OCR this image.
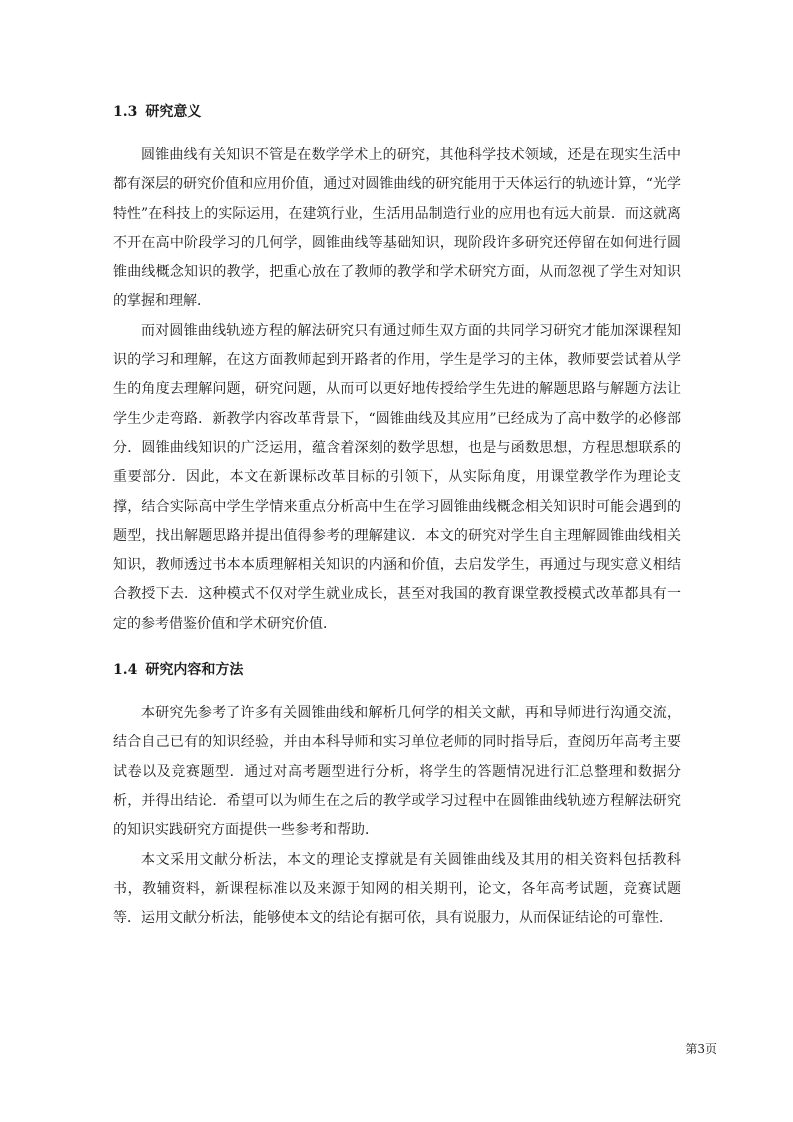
1.3 研究意义

圆锥曲线有关知识不管是在数学学术上的研究，其他科学技术领域，还是在现实生活中都有深层的研究价值和应用价值，通过对圆锥曲线的研究能用于天体运行的轨迹计算，“光学特性”在科技上的实际运用，在建筑行业，生活用品制造行业的应用也有远大前景．而这就离不开在高中阶段学习的几何学，圆锥曲线等基础知识，现阶段许多研究还停留在如何进行圆锥曲线概念知识的教学，把重心放在了教师的教学和学术研究方面，从而忽视了学生对知识的掌握和理解．

而对圆锥曲线轨迹方程的解法研究只有通过师生双方面的共同学习研究才能加深课程知识的学习和理解，在这方面教师起到开路者的作用，学生是学习的主体，教师要尝试着从学生的角度去理解问题，研究问题，从而可以更好地传授给学生先进的解题思路与解题方法让学生少走弯路．新教学内容改革背景下，“圆锥曲线及其应用”已经成为了高中数学的必修部分．圆锥曲线知识的广泛运用，蕴含着深刻的数学思想，也是与函数思想，方程思想联系的重要部分．因此，本文在新课标改革目标的引领下，从实际角度，用课堂教学作为理论支撑，结合实际高中学生学情来重点分析高中生在学习圆锥曲线概念相关知识时可能会遇到的题型，找出解题思路并提出值得参考的理解建议．本文的研究对学生自主理解圆锥曲线相关知识，教师透过书本本质理解相关知识的内涵和价值，去启发学生，再通过与现实意义相结合教授下去．这种模式不仅对学生就业成长，甚至对我国的教育课堂教授模式改革都具有一定的参考借鉴价值和学术研究价值．

1.4 研究内容和方法

本研究先参考了许多有关圆锥曲线和解析几何学的相关文献，再和导师进行沟通交流，结合自己已有的知识经验，并由本科导师和实习单位老师的同时指导后，查阅历年高考主要试卷以及竞赛题型．通过对高考题型进行分析，将学生的答题情况进行汇总整理和数据分析，并得出结论．希望可以为师生在之后的教学或学习过程中在圆锥曲线轨迹方程解法研究的知识实践研究方面提供一些参考和帮助．

本文采用文献分析法，本文的理论支撑就是有关圆锥曲线及其用的相关资料包括教科书，教辅资料，新课程标准以及来源于知网的相关期刊，论文，各年高考试题，竞赛试题等．运用文献分析法，能够使本文的结论有据可依，具有说服力，从而保证结论的可靠性．

第3页
